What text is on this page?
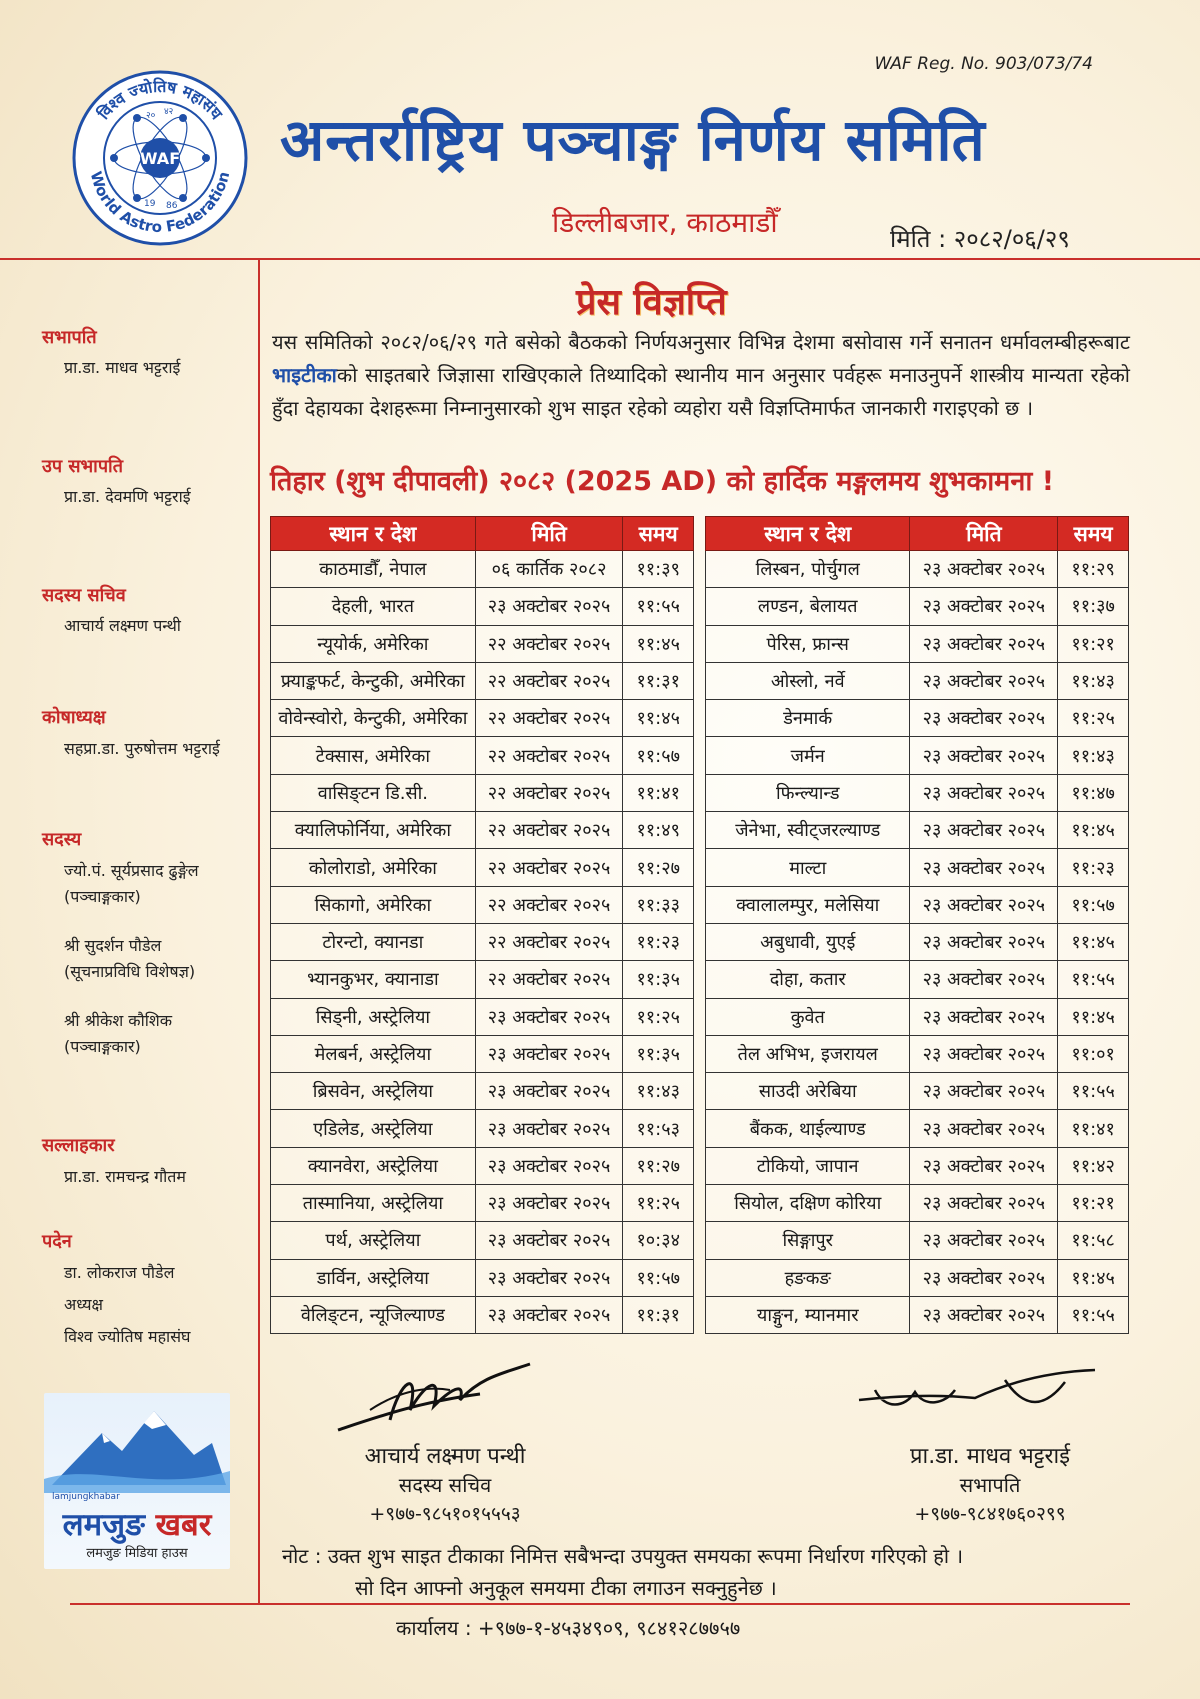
WAF Reg. No. 903/073/74
विश्व ज्योतिष महासंघ
World Astro Federation
WAF
२० ४२
19 86
अन्तर्राष्ट्रिय पञ्चाङ्ग निर्णय समिति
डिल्लीबजार, काठमाडौँ	मिति : २०८२/०६/२९
सभापति
प्रा.डा. माधव भट्टराई
उप सभापति
प्रा.डा. देवमणि भट्टराई
सदस्य सचिव
आचार्य लक्ष्मण पन्थी
कोषाध्यक्ष
सहप्रा.डा. पुरुषोत्तम भट्टराई
सदस्य
ज्यो.पं. सूर्यप्रसाद ढुङ्गेल
(पञ्चाङ्गकार)
श्री सुदर्शन पौडेल
(सूचनाप्रविधि विशेषज्ञ)
श्री श्रीकेश कौशिक
(पञ्चाङ्गकार)
सल्लाहकार
प्रा.डा. रामचन्द्र गौतम
पदेन
डा. लोकराज पौडेल
अध्यक्ष
विश्व ज्योतिष महासंघ
lamjungkhabar
लमजुङ खबर
लमजुङ मिडिया हाउस
प्रेस विज्ञप्ति
यस समितिको २०८२/०६/२९ गते बसेको बैठकको निर्णयअनुसार विभिन्न देशमा बसोवास गर्ने सनातन धर्मावलम्बीहरूबाट भाइटीकाको साइतबारे जिज्ञासा राखिएकाले तिथ्यादिको स्थानीय मान अनुसार पर्वहरू मनाउनुपर्ने शास्त्रीय मान्यता रहेको हुँदा देहायका देशहरूमा निम्नानुसारको शुभ साइत रहेको व्यहोरा यसै विज्ञप्तिमार्फत जानकारी गराइएको छ ।
तिहार (शुभ दीपावली) २०८२ (2025 AD) को हार्दिक मङ्गलमय शुभकामना !
स्थान र देश	मिति	समय
काठमाडौँ, नेपाल	०६ कार्तिक २०८२	११:३९
देहली, भारत	२३ अक्टोबर २०२५	११:५५
न्यूयोर्क, अमेरिका	२२ अक्टोबर २०२५	११:४५
फ्र्याङ्कफर्ट, केन्टुकी, अमेरिका	२२ अक्टोबर २०२५	११:३१
वोवेन्स्वोरो, केन्टुकी, अमेरिका	२२ अक्टोबर २०२५	११:४५
टेक्सास, अमेरिका	२२ अक्टोबर २०२५	११:५७
वासिङ्टन डि.सी.	२२ अक्टोबर २०२५	११:४१
क्यालिफोर्निया, अमेरिका	२२ अक्टोबर २०२५	११:४९
कोलोराडो, अमेरिका	२२ अक्टोबर २०२५	११:२७
सिकागो, अमेरिका	२२ अक्टोबर २०२५	११:३३
टोरन्टो, क्यानडा	२२ अक्टोबर २०२५	११:२३
भ्यानकुभर, क्यानाडा	२२ अक्टोबर २०२५	११:३५
सिड्नी, अस्ट्रेलिया	२३ अक्टोबर २०२५	११:२५
मेलबर्न, अस्ट्रेलिया	२३ अक्टोबर २०२५	११:३५
ब्रिसवेन, अस्ट्रेलिया	२३ अक्टोबर २०२५	११:४३
एडिलेड, अस्ट्रेलिया	२३ अक्टोबर २०२५	११:५३
क्यानवेरा, अस्ट्रेलिया	२३ अक्टोबर २०२५	११:२७
तास्मानिया, अस्ट्रेलिया	२३ अक्टोबर २०२५	११:२५
पर्थ, अस्ट्रेलिया	२३ अक्टोबर २०२५	१०:३४
डार्विन, अस्ट्रेलिया	२३ अक्टोबर २०२५	११:५७
वेलिङ्टन, न्यूजिल्याण्ड	२३ अक्टोबर २०२५	११:३१
स्थान र देश	मिति	समय
लिस्बन, पोर्चुगल	२३ अक्टोबर २०२५	११:२९
लण्डन, बेलायत	२३ अक्टोबर २०२५	११:३७
पेरिस, फ्रान्स	२३ अक्टोबर २०२५	११:२१
ओस्लो, नर्वे	२३ अक्टोबर २०२५	११:४३
डेनमार्क	२३ अक्टोबर २०२५	११:२५
जर्मन	२३ अक्टोबर २०२५	११:४३
फिन्ल्यान्ड	२३ अक्टोबर २०२५	११:४७
जेनेभा, स्वीट्जरल्याण्ड	२३ अक्टोबर २०२५	११:४५
माल्टा	२३ अक्टोबर २०२५	११:२३
क्वालालम्पुर, मलेसिया	२३ अक्टोबर २०२५	११:५७
अबुधावी, युएई	२३ अक्टोबर २०२५	११:४५
दोहा, कतार	२३ अक्टोबर २०२५	११:५५
कुवेत	२३ अक्टोबर २०२५	११:४५
तेल अभिभ, इजरायल	२३ अक्टोबर २०२५	११:०१
साउदी अरेबिया	२३ अक्टोबर २०२५	११:५५
बैंकक, थाईल्याण्ड	२३ अक्टोबर २०२५	११:४१
टोकियो, जापान	२३ अक्टोबर २०२५	११:४२
सियोल, दक्षिण कोरिया	२३ अक्टोबर २०२५	११:२१
सिङ्गापुर	२३ अक्टोबर २०२५	११:५८
हङकङ	२३ अक्टोबर २०२५	११:४५
याङ्गुन, म्यानमार	२३ अक्टोबर २०२५	११:५५
आचार्य लक्ष्मण पन्थी
सदस्य सचिव
+९७७-९८५१०१५५५३
प्रा.डा. माधव भट्टराई
सभापति
+९७७-९८४१७६०२९९
नोट : उक्त शुभ साइत टीकाका निमित्त सबैभन्दा उपयुक्त समयका रूपमा निर्धारण गरिएको हो ।
सो दिन आफ्नो अनुकूल समयमा टीका लगाउन सक्नुहुनेछ ।
कार्यालय : +९७७-१-४५३४९०९, ९८४१२८७७५७
